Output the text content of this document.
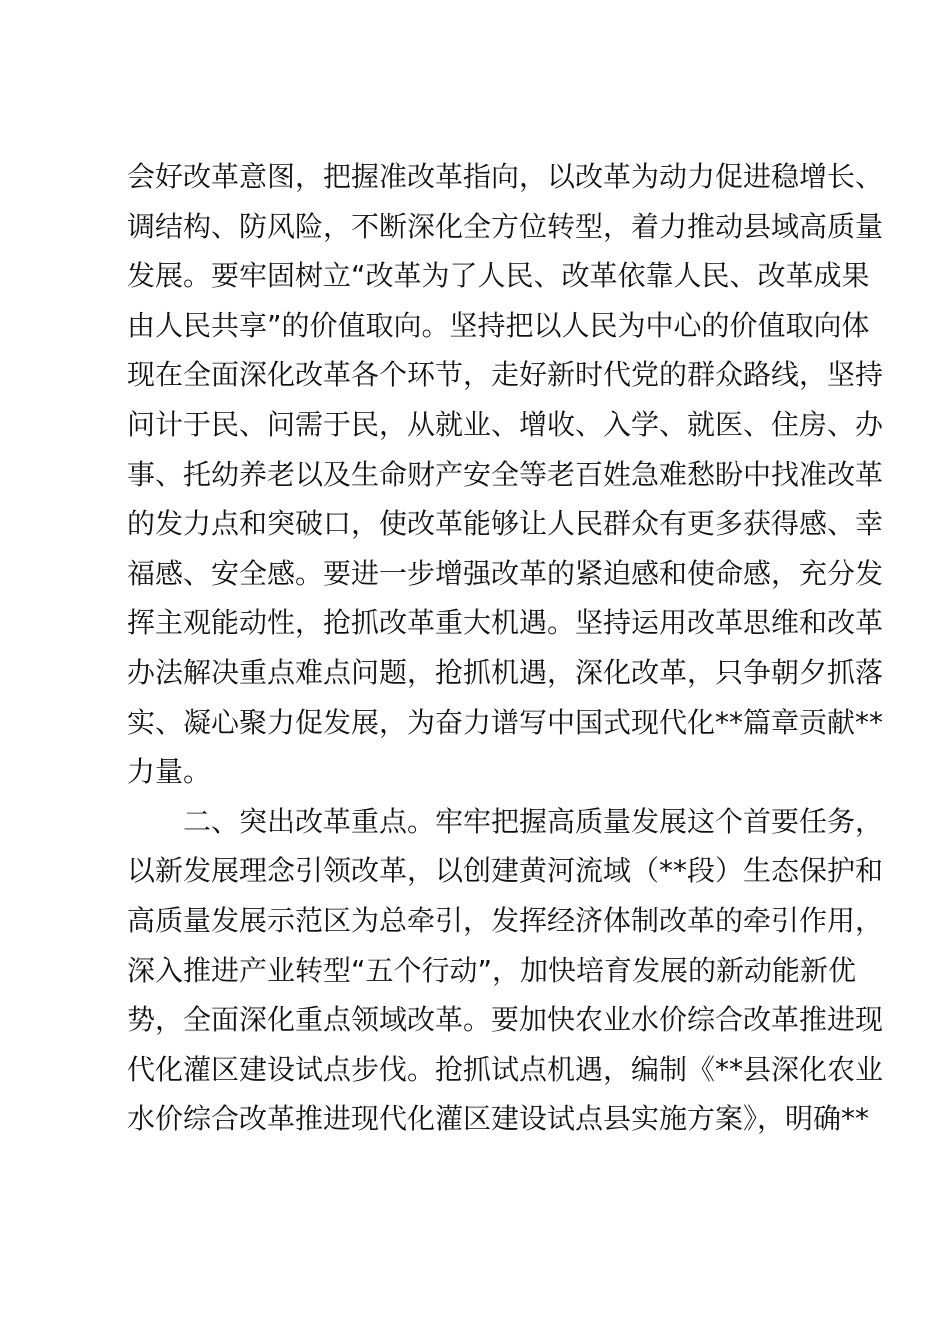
会好改革意图，把握准改革指向，以改革为动力促进稳增长、
调结构、防风险，不断深化全方位转型，着力推动县域高质量
发展。要牢固树立“改革为了人民、改革依靠人民、改革成果
由人民共享”的价值取向。坚持把以人民为中心的价值取向体
现在全面深化改革各个环节，走好新时代党的群众路线，坚持
问计于民、问需于民，从就业、增收、入学、就医、住房、办
事、托幼养老以及生命财产安全等老百姓急难愁盼中找准改革
的发力点和突破口，使改革能够让人民群众有更多获得感、幸
福感、安全感。要进一步增强改革的紧迫感和使命感，充分发
挥主观能动性，抢抓改革重大机遇。坚持运用改革思维和改革
办法解决重点难点问题，抢抓机遇，深化改革，只争朝夕抓落
实、凝心聚力促发展，为奋力谱写中国式现代化**篇章贡献**
力量。
　　二、突出改革重点。牢牢把握高质量发展这个首要任务，
以新发展理念引领改革，以创建黄河流域（**段）生态保护和
高质量发展示范区为总牵引，发挥经济体制改革的牵引作用，
深入推进产业转型“五个行动”，加快培育发展的新动能新优
势，全面深化重点领域改革。要加快农业水价综合改革推进现
代化灌区建设试点步伐。抢抓试点机遇，编制《**县深化农业
水价综合改革推进现代化灌区建设试点县实施方案》，明确**
